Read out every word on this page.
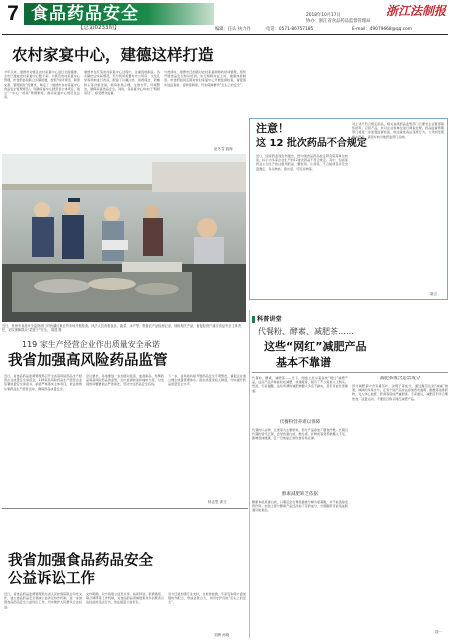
7 食品药品安全
【总第0233期】
2018年10月17日
协办：浙江省食品药品监督管理局
编辑：任认 执力丹	电话：0571-86757185	E-mail：49079668@qq.com
浙江法制报
农村家宴中心，建德这样打造
今年以来，建德市对辖区农村家宴中心进行全面摸排，全市已建成农村家宴中心数十家。为规范农村家宴中心管理，市食药监局联合乡镇街道，按照“场所规范、制度完善、管理到位”的要求，制定了《建德市农村家宴中心食品安全管理规范》，明确家宴中心经营者主体责任，建立“一中心一档案”管理制度，推动家宴中心规范化运营。
建德市在打造农村家宴中心过程中，注重因地制宜。各乡镇结合实际情况，充分利用闲置村办公用房、文化礼堂等场地进行改造，配备了冷藏冷冻、消毒保洁、防蝇防尘等设施设备，厨房布局合理，生熟分开，环境整洁，确保家宴食品安全。同时，各家宴中心均实行“明厨亮灶”，接受群众监督。
与此同时，建德市还加强对农村家宴厨师的培训管理，组织开展食品安全知识培训，实行厨师持证上岗、健康体检制度。市食药监局定期对农村家宴中心开展监督检查，督促落实进货查验、留样等制度，切实保障群众“舌尖上的安全”。
赵冬雪 钱海
近日，杭州市食品安全监管部门对西湖区某农贸市场开展检查。执法人员查看食品、蔬菜、水产等，察看农产品检测记录，抽检相关产品，督促经营户落实食品安全主体责任，切实保障群众“菜篮子”安全。 胡建 摄
注意！
这 12 批次药品不合规定
近日，国家药监局发布通告，经中国食品药品检定研究院等单位检验，标示为多家企业生产的12批次药品不符合规定。其中，包括某药业公司生产的注射用药品、颗粒剂、片剂等，不合格项目涉及含量测定、有关物质、溶出度、可见异物等。
对上述不符合规定药品，相关省级药品监管部门已要求企业暂停销售使用、召回产品，并对企业和单位进行调查处理。药品监督管理部门将进一步加强监督检查，依法查处违法违规行为。公众如发现相关药品，请及时向当地药监部门反映。
晓言
科普讲堂
代餐粉、酵素、减肥茶……
这些“网红”减肥产品
基本不靠谱
代餐粉、酵素、减肥茶……当下，网络上充斥着各类“网红”减肥产品，这些产品声称能轻松减肥、快速瘦身，吸引了不少爱美人士购买。然而，专家提醒，这些所谓的减肥神器大多名不副实，甚至可能危害健康。
代餐粉营养难以保障
代餐粉以谷物、豆类等为主要原料，部分产品添加了膳食纤维。长期以代餐粉替代正餐，会导致蛋白质、维生素、矿物质等营养素摄入不足，影响身体健康，且一旦恢复正常饮食容易反弹。
酵素减肥缺乏依据
酵素本质是蛋白质，口服后会在胃肠道被分解为氨基酸，并不能直接发挥作用。市面上部分酵素产品还添加了泻药成分，长期服用可能造成肠道功能紊乱。
减肥茶或含违禁成分
部分减肥茶中含有番泻叶、决明子等成分，通过腹泻达到“减重”效果，减掉的多是水分。还有个别产品非法添加西布曲明、酚酞等违禁药物，对人体心血管、肝肾等造成严重损害。专家建议，减肥应科学合理饮食、适量运动，不要盲目购买网红减肥产品。
钱一
119 家生产经营企业作出质量安全承诺
我省加强高风险药品监管
近日，省食品药品监督管理局召开全省高风险药品生产经营企业质量安全承诺会，119家高风险药品生产经营企业签署质量安全承诺书，承诺严格落实主体责任，依法依规从事药品生产经营活动，确保药品质量安全。
会议要求，各地要进一步加强对疫苗、血液制品、特殊药品等高风险药品的监管，加大监督检查和抽检力度，对发现的问题要依法严肃查处，坚决守住药品安全底线。
下一步，省局将持续开展药品安全专项整治，督促企业建立健全质量管理体系，落实质量受权人制度，切实提升药品质量安全水平。
杨志思 浙文
我省加强食品药品安全
公益诉讼工作
近日，省食品药品监督管理局与省人民检察院联合印发文件，建立食品药品安全领域公益诉讼协作机制，进一步加强食品药品安全公益诉讼工作，切实维护人民群众合法权益。
文件明确，双方将建立信息共享、线索移送、案情通报、联合调研等工作机制，对食品药品领域侵害众多消费者合法权益的违法行为，依法提起公益诉讼。
双方还将加强专业支持，在检验检测、专家咨询等方面加强协作配合，形成监管合力，共同守护百姓“舌尖上的安全”。
刘洲 孙晓
